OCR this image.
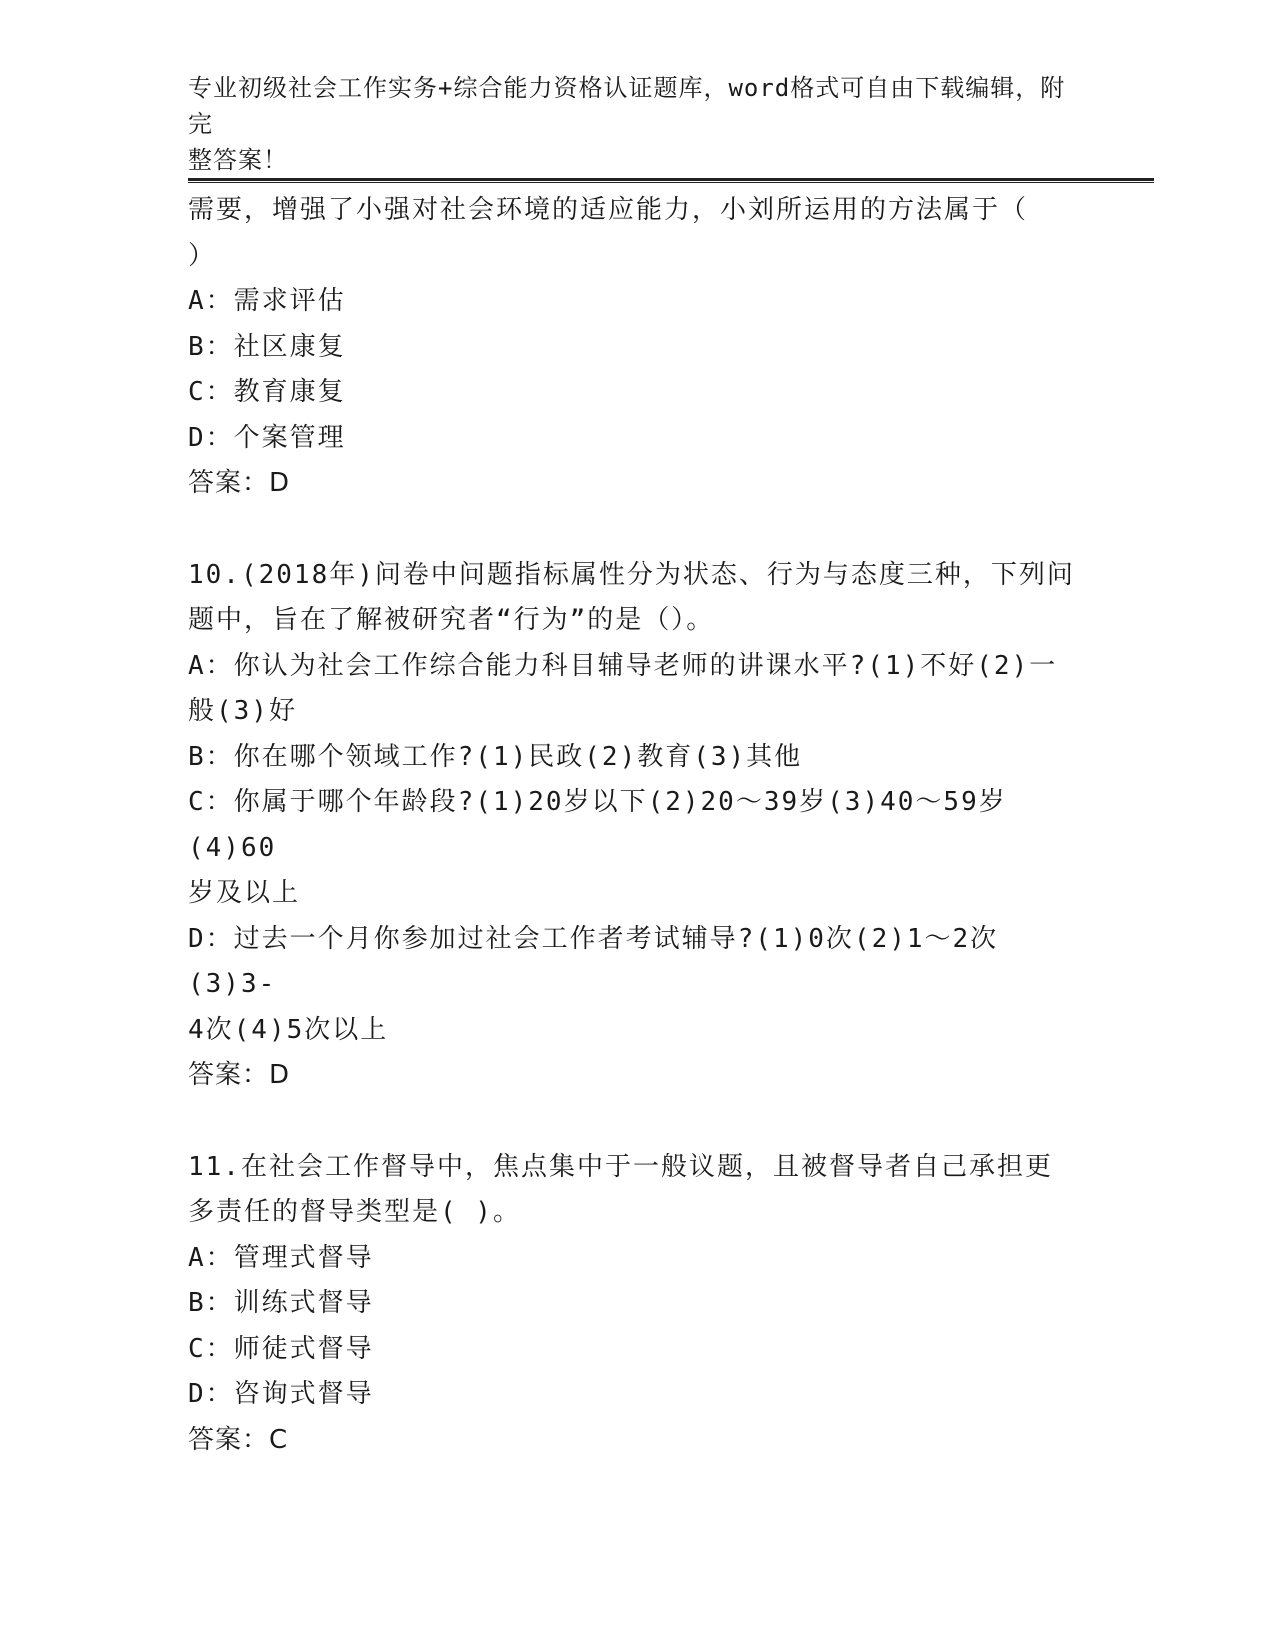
专业初级社会工作实务+综合能力资格认证题库，word格式可自由下载编辑，附完
整答案！
需要，增强了小强对社会环境的适应能力，小刘所运用的方法属于（
）
A：需求评估
B：社区康复
C：教育康复
D：个案管理
答案：D
10.(2018年)问卷中问题指标属性分为状态、行为与态度三种，下列问
题中，旨在了解被研究者“行为”的是（）。
A：你认为社会工作综合能力科目辅导老师的讲课水平?(1)不好(2)一
般(3)好
B：你在哪个领域工作?(1)民政(2)教育(3)其他
C：你属于哪个年龄段?(1)20岁以下(2)20～39岁(3)40～59岁(4)60
岁及以上
D：过去一个月你参加过社会工作者考试辅导?(1)0次(2)1～2次(3)3-
4次(4)5次以上
答案：D
11.在社会工作督导中，焦点集中于一般议题，且被督导者自己承担更
多责任的督导类型是( )。
A：管理式督导
B：训练式督导
C：师徒式督导
D：咨询式督导
答案：C
